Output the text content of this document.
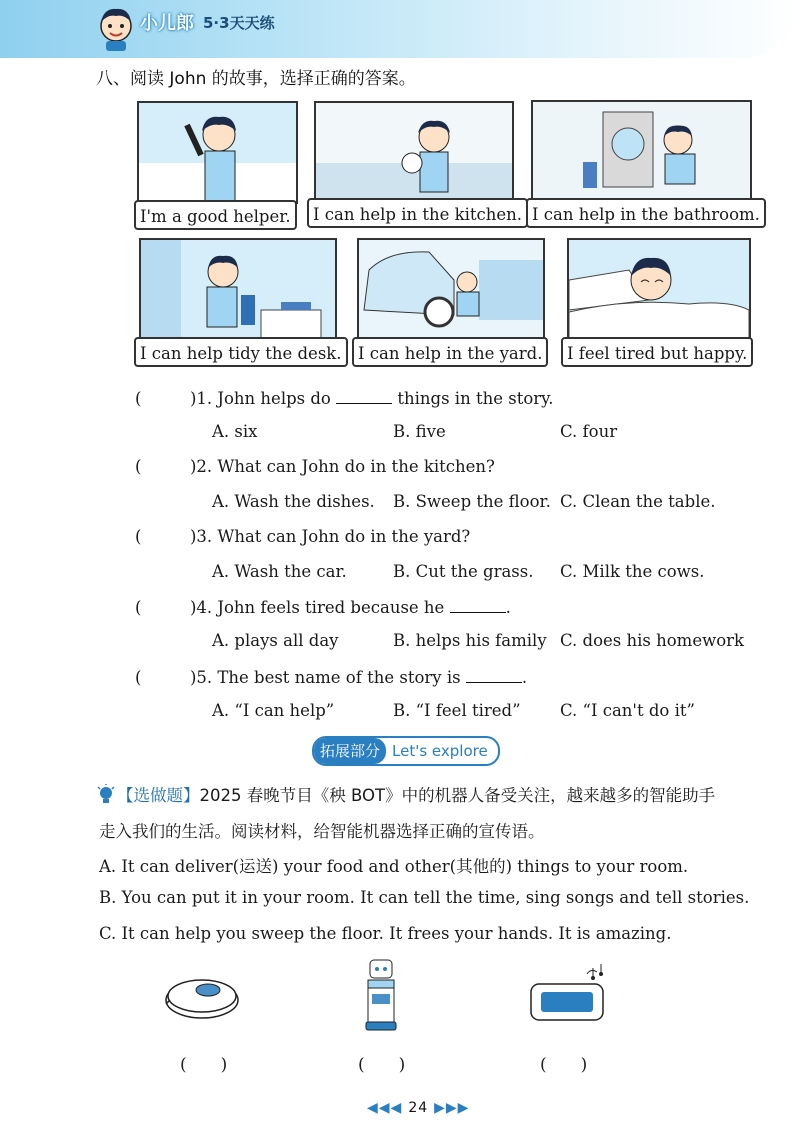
小儿郎 5·3天天练
八、阅读 John 的故事，选择正确的答案。
I'm a good helper.	I can help in the kitchen. I can help in the bathroom.
I can help tidy the desk. I can help in the yard.	I feel tired but happy.
(	)1. John helps do	things in the story.
A. six	B. five	C. four
(	)2. What can John do in the kitchen?
A. Wash the dishes. B. Sweep the floor. C. Clean the table.
(	)3. What can John do in the yard?
A. Wash the car.	B. Cut the grass. C. Milk the cows.
(	)4. John feels tired because he	.
A. plays all day	B. helps his family C. does his homework
(	)5. The best name of the story is	.
A. “I can help”	B. “I feel tired” C. “I can't do it”
拓展部分 Let's explore
【选做题】2025 春晚节目《秧 BOT》中的机器人备受关注，越来越多的智能助手
走入我们的生活。阅读材料，给智能机器选择正确的宣传语。
A. It can deliver(运送) your food and other(其他的) things to your room.
B. You can put it in your room. It can tell the time, sing songs and tell stories.
C. It can help you sweep the floor. It frees your hands. It is amazing.
(　　)	(　　)	(　　)
◀◀◀ 24 ▶▶▶
